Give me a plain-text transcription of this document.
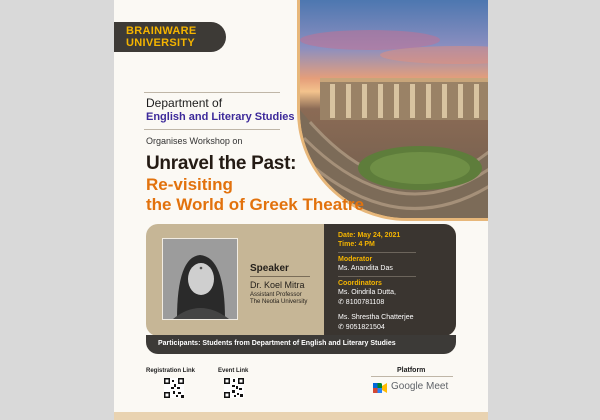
BRAINWARE
UNIVERSITY
Department of
English and Literary Studies
Organises Workshop on
Unravel the Past:
Re-visiting
the World of Greek Theatre
Speaker
Dr. Koel Mitra
Assistant Professor
The Neotia University
Date: May 24, 2021
Time: 4 PM
Moderator
Ms. Anandita Das
Coordinators
Ms. Oindrila Dutta,
✆ 8100781108
Ms. Shrestha Chatterjee
✆ 9051821504
Participants: Students from Department of English and Literary Studies
Registration Link	Event Link	Platform
Google Meet
